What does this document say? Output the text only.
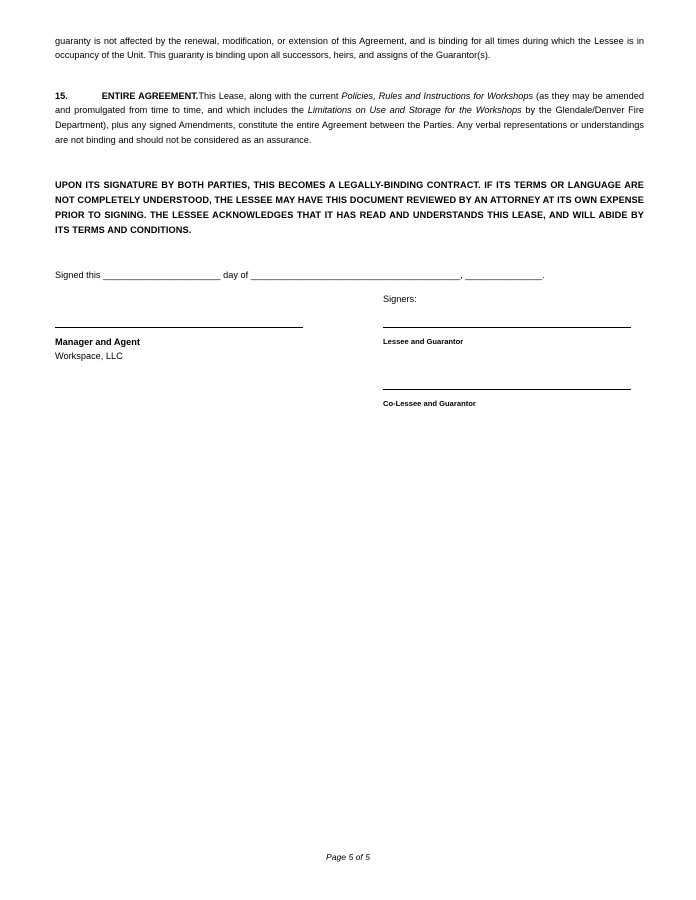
guaranty is not affected by the renewal, modification, or extension of this Agreement, and is binding for all times during which the Lessee is in occupancy of the Unit. This guaranty is binding upon all successors, heirs, and assigns of the Guarantor(s).

15.	ENTIRE AGREEMENT.This Lease, along with the current Policies, Rules and Instructions for Workshops (as they may be amended and promulgated from time to time, and which includes the Limitations on Use and Storage for the Workshops by the Glendale/Denver Fire Department), plus any signed Amendments, constitute the entire Agreement between the Parties. Any verbal representations or understandings are not binding and should not be considered as an assurance.

UPON ITS SIGNATURE BY BOTH PARTIES, THIS BECOMES A LEGALLY-BINDING CONTRACT. IF ITS TERMS OR LANGUAGE ARE NOT COMPLETELY UNDERSTOOD, THE LESSEE MAY HAVE THIS DOCUMENT REVIEWED BY AN ATTORNEY AT ITS OWN EXPENSE PRIOR TO SIGNING. THE LESSEE ACKNOWLEDGES THAT IT HAS READ AND UNDERSTANDS THIS LEASE, AND WILL ABIDE BY ITS TERMS AND CONDITIONS.

Signed this _______________________ day of _________________________________________, _______________.
Signers:
Manager and Agent
Workspace, LLC
Lessee and Guarantor
Co-Lessee and Guarantor
Page 5 of 5
